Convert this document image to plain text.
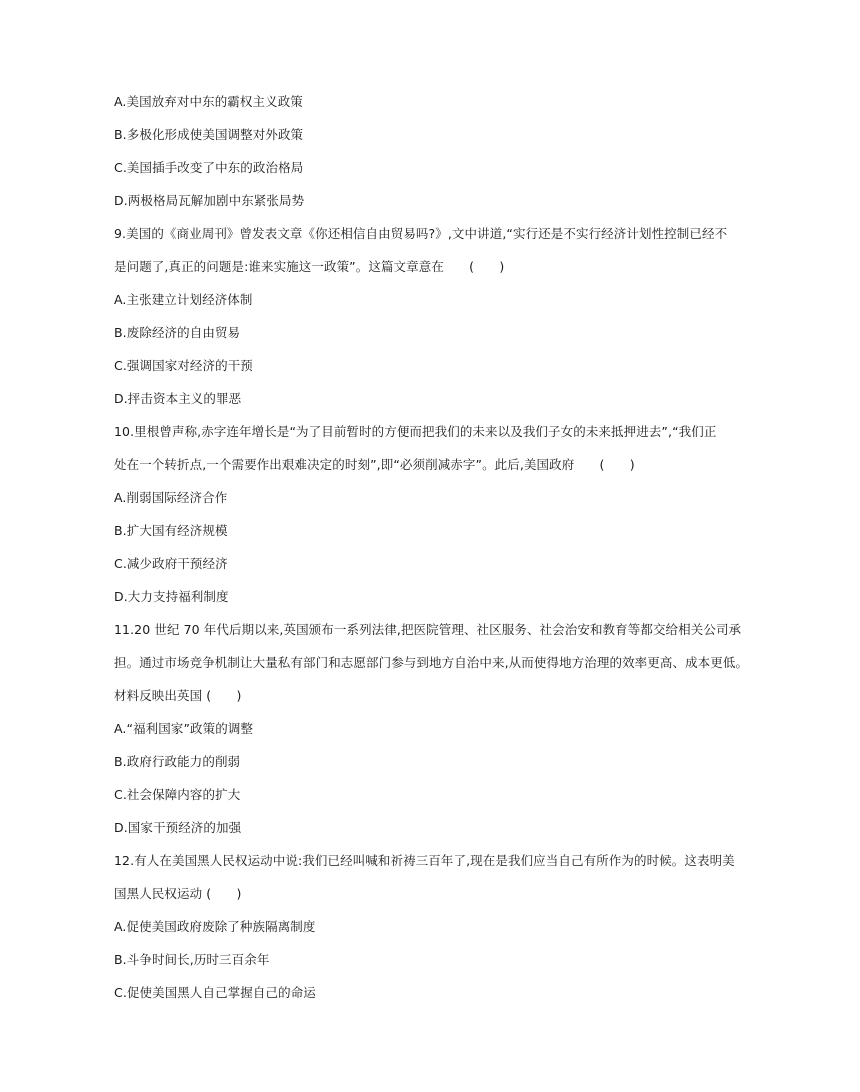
A.美国放弃对中东的霸权主义政策
B.多极化形成使美国调整对外政策
C.美国插手改变了中东的政治格局
D.两极格局瓦解加剧中东紧张局势
9.美国的《商业周刊》曾发表文章《你还相信自由贸易吗?》,文中讲道,“实行还是不实行经济计划性控制已经不
是问题了,真正的问题是:谁来实施这一政策”。这篇文章意在　　(　　)
A.主张建立计划经济体制
B.废除经济的自由贸易
C.强调国家对经济的干预
D.抨击资本主义的罪恶
10.里根曾声称,赤字连年增长是“为了目前暂时的方便而把我们的未来以及我们子女的未来抵押进去”,“我们正
处在一个转折点,一个需要作出艰难决定的时刻”,即“必须削减赤字”。此后,美国政府　　(　　)
A.削弱国际经济合作
B.扩大国有经济规模
C.减少政府干预经济
D.大力支持福利制度
11.20 世纪 70 年代后期以来,英国颁布一系列法律,把医院管理、社区服务、社会治安和教育等都交给相关公司承
担。通过市场竞争机制让大量私有部门和志愿部门参与到地方自治中来,从而使得地方治理的效率更高、成本更低。
材料反映出英国 (　　)
A.“福利国家”政策的调整
B.政府行政能力的削弱
C.社会保障内容的扩大
D.国家干预经济的加强
12.有人在美国黑人民权运动中说:我们已经叫喊和祈祷三百年了,现在是我们应当自己有所作为的时候。这表明美
国黑人民权运动 (　　)
A.促使美国政府废除了种族隔离制度
B.斗争时间长,历时三百余年
C.促使美国黑人自己掌握自己的命运
